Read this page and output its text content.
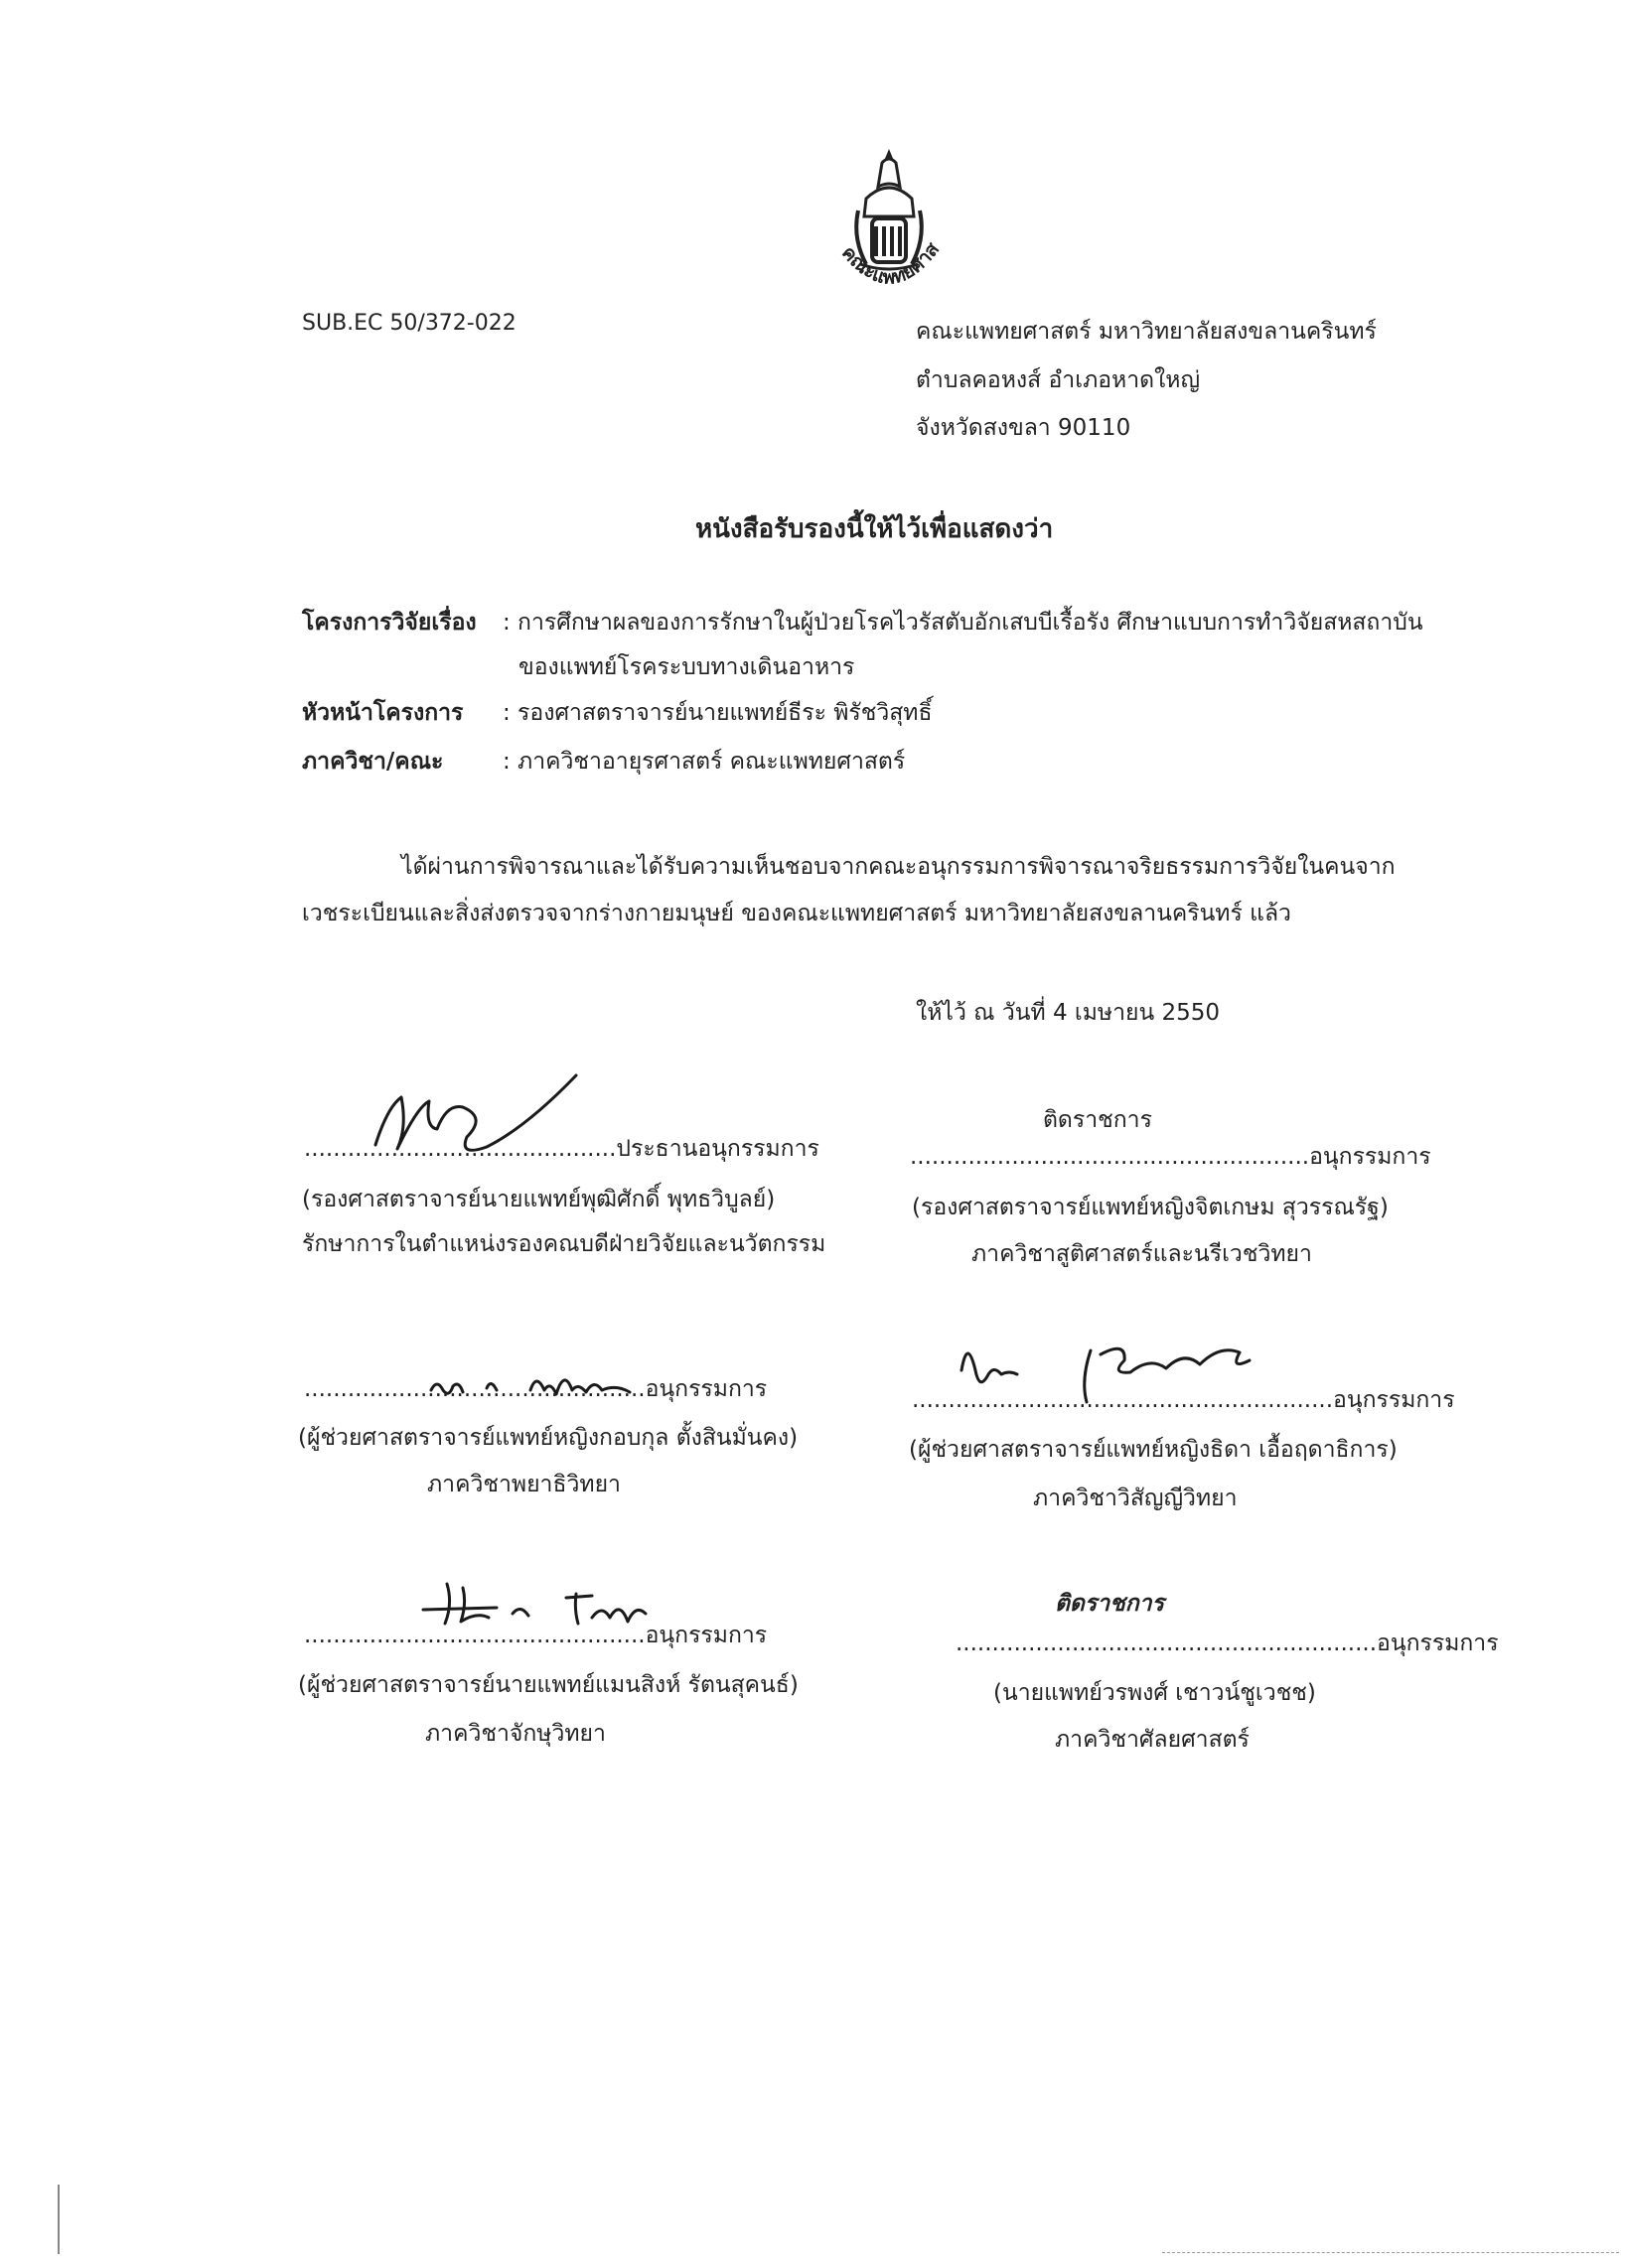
คณะแพทยศาส
SUB.EC 50/372-022	คณะแพทยศาสตร์ มหาวิทยาลัยสงขลานครินทร์
ตำบลคอหงส์ อำเภอหาดใหญ่
จังหวัดสงขลา 90110
หนังสือรับรองนี้ให้ไว้เพื่อแสดงว่า
โครงการวิจัยเรื่อง : การศึกษาผลของการรักษาในผู้ป่วยโรคไวรัสตับอักเสบบีเรื้อรัง ศึกษาแบบการทำวิจัยสหสถาบัน
ของแพทย์โรคระบบทางเดินอาหาร
หัวหน้าโครงการ : รองศาสตราจารย์นายแพทย์ธีระ พิรัชวิสุทธิ์
ภาควิชา/คณะ	: ภาควิชาอายุรศาสตร์ คณะแพทยศาสตร์
ได้ผ่านการพิจารณาและได้รับความเห็นชอบจากคณะอนุกรรมการพิจารณาจริยธรรมการวิจัยในคนจาก
เวชระเบียนและสิ่งส่งตรวจจากร่างกายมนุษย์ ของคณะแพทยศาสตร์ มหาวิทยาลัยสงขลานครินทร์ แล้ว
ให้ไว้ ณ วันที่ 4 เมษายน 2550
...........................................ประธานอนุกรรมการ
(รองศาสตราจารย์นายแพทย์พุฒิศักดิ์ พุทธวิบูลย์)
รักษาการในตำแหน่งรองคณบดีฝ่ายวิจัยและนวัตกรรม
ติดราชการ
.......................................................อนุกรรมการ
(รองศาสตราจารย์แพทย์หญิงจิตเกษม สุวรรณรัฐ)
ภาควิชาสูติศาสตร์และนรีเวชวิทยา
...............................................อนุกรรมการ
(ผู้ช่วยศาสตราจารย์แพทย์หญิงกอบกุล ตั้งสินมั่นคง)
ภาควิชาพยาธิวิทยา
..........................................................อนุกรรมการ
(ผู้ช่วยศาสตราจารย์แพทย์หญิงธิดา เอื้อฤดาธิการ)
ภาควิชาวิสัญญีวิทยา
...............................................อนุกรรมการ
(ผู้ช่วยศาสตราจารย์นายแพทย์แมนสิงห์ รัตนสุคนธ์)
ภาควิชาจักษุวิทยา
ติดราชการ
..........................................................อนุกรรมการ
(นายแพทย์วรพงศ์ เชาวน์ชูเวชช)
ภาควิชาศัลยศาสตร์
